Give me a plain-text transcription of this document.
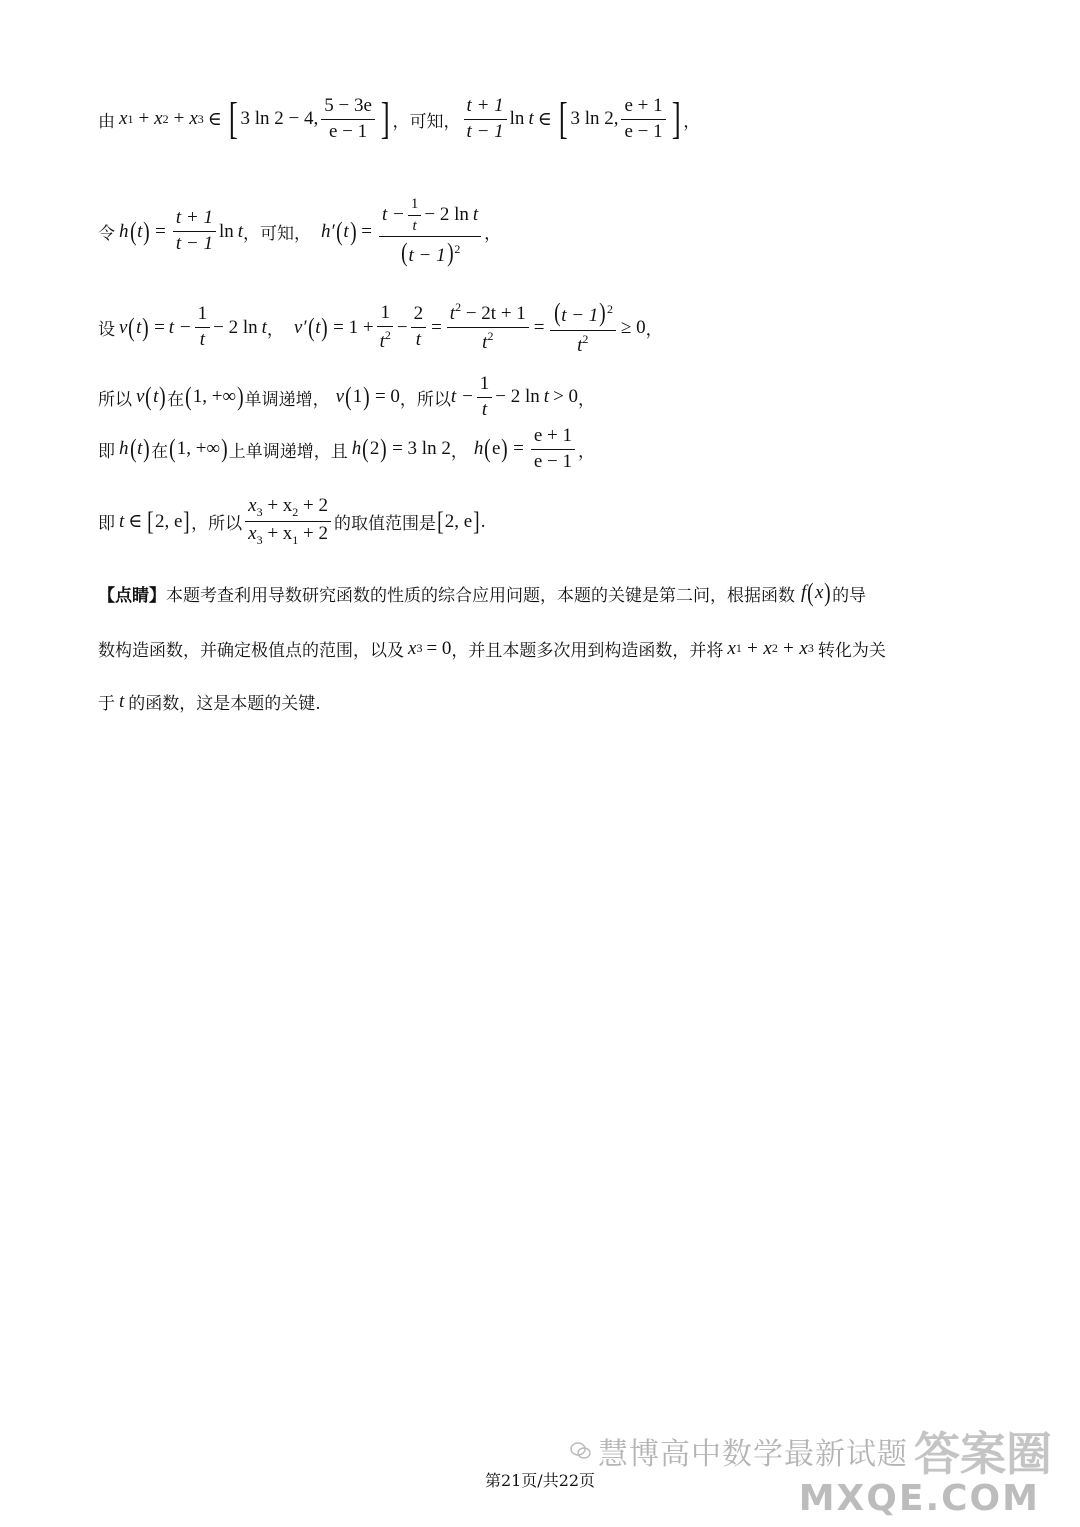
由 x 1 + x 2 + x 3 ∈ [ 3 ln 2 − 4, $\frac{5 - 3e}{e - 1}$ ] ，可知， $\frac{t + 1}{t - 1}$ ln t ∈ [ 3 ln 2, $\frac{e + 1}{e - 1}$ ] ，
令 h ( t ) = $\frac{t + 1}{t - 1}$ ln t ，可知， h′ ( t ) = $\frac{t - \frac{1}{t} - 2 \ln t}{(t - 1)^2}$ ，
设 v ( t ) = $t - \frac{1}{t} - 2$ ln t ， v′ ( t ) = $1 + \frac{1}{t^2} - \frac{2}{t} = \frac{t^2 - 2t + 1}{t^2} = \frac{(t - 1)^2}{t^2} \ge 0$ ，
所以 v ( t ) 在 ( 1, +∞ ) 单调递增， v ( 1 ) = 0 ，所以 $t - \frac{1}{t} - 2$ ln t > 0 ，
即 h ( t ) 在 ( 1, +∞ ) 上单调递增，且 h ( 2 ) = 3 ln 2 ， h ( e ) = $\frac{e + 1}{e - 1}$ ，
即 t ∈ [ 2, e ] ，所以 $\frac{x_3 + x_2 + 2}{x_3 + x_1 + 2}$ 的取值范围是 [ 2, e ] .
【点睛】 本题考查利用导数研究函数的性质的综合应用问题，本题的关键是第二问，根据函数 f ( x ) 的导
数构造函数，并确定极值点的范围，以及 x 3 = 0 ，并且本题多次用到构造函数，并将 x 1 + x 2 + x 3 转化为关
于 t 的函数，这是本题的关键.
慧博高中数学最新试题 答案圈
MXQE.COM
第21页/共22页
